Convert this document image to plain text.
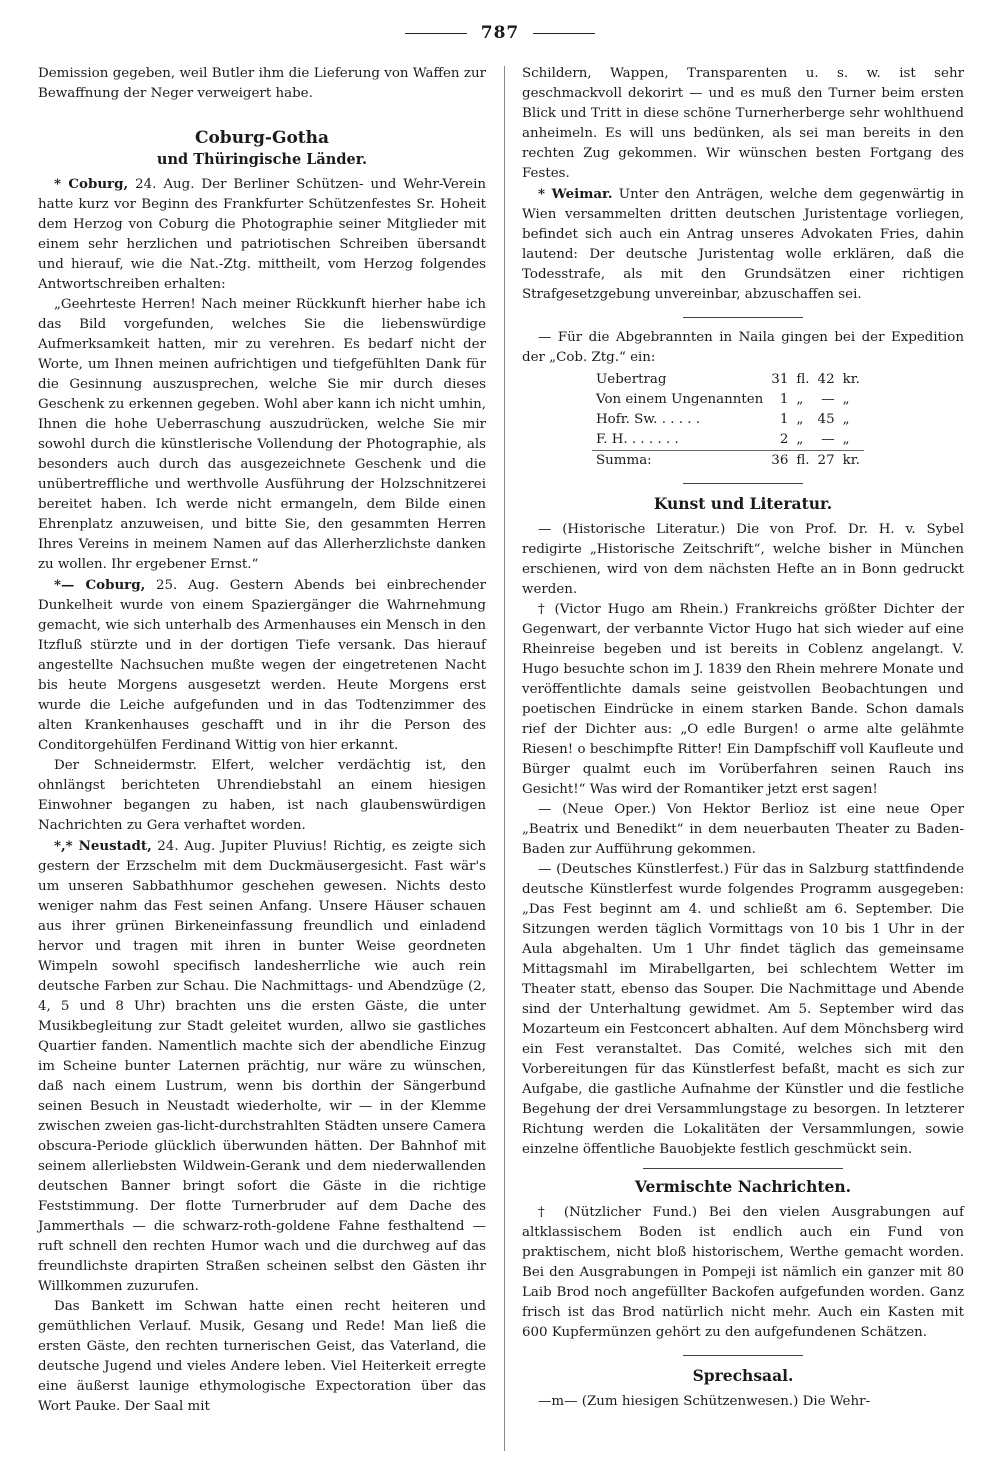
787

Demission gegeben, weil Butler ihm die Lieferung von Waffen zur Bewaffnung der Neger verweigert habe.

Coburg-Gotha
und Thüringische Länder.

* Coburg, 24. Aug. Der Berliner Schützen- und Wehr-Verein hatte kurz vor Beginn des Frankfurter Schützenfestes Sr. Hoheit dem Herzog von Coburg die Photographie seiner Mitglieder mit einem sehr herzlichen und patriotischen Schreiben übersandt und hierauf, wie die Nat.-Ztg. mittheilt, vom Herzog folgendes Antwortschreiben erhalten:

„Geehrteste Herren! Nach meiner Rückkunft hierher habe ich das Bild vorgefunden, welches Sie die liebenswürdige Aufmerksamkeit hatten, mir zu verehren. Es bedarf nicht der Worte, um Ihnen meinen aufrichtigen und tiefgefühlten Dank für die Gesinnung auszusprechen, welche Sie mir durch dieses Geschenk zu erkennen gegeben. Wohl aber kann ich nicht umhin, Ihnen die hohe Ueberraschung auszudrücken, welche Sie mir sowohl durch die künstlerische Vollendung der Photographie, als besonders auch durch das ausgezeichnete Geschenk und die unübertreffliche und werthvolle Ausführung der Holzschnitzerei bereitet haben. Ich werde nicht ermangeln, dem Bilde einen Ehrenplatz anzuweisen, und bitte Sie, den gesammten Herren Ihres Vereins in meinem Namen auf das Allerherzlichste danken zu wollen. Ihr ergebener Ernst.“

*— Coburg, 25. Aug. Gestern Abends bei einbrechender Dunkelheit wurde von einem Spaziergänger die Wahrnehmung gemacht, wie sich unterhalb des Armenhauses ein Mensch in den Itzfluß stürzte und in der dortigen Tiefe versank. Das hierauf angestellte Nachsuchen mußte wegen der eingetretenen Nacht bis heute Morgens ausgesetzt werden. Heute Morgens erst wurde die Leiche aufgefunden und in das Todtenzimmer des alten Krankenhauses geschafft und in ihr die Person des Conditorgehülfen Ferdinand Wittig von hier erkannt.

Der Schneidermstr. Elfert, welcher verdächtig ist, den ohnlängst berichteten Uhrendiebstahl an einem hiesigen Einwohner begangen zu haben, ist nach glaubenswürdigen Nachrichten zu Gera verhaftet worden.

*,* Neustadt, 24. Aug. Jupiter Pluvius! Richtig, es zeigte sich gestern der Erzschelm mit dem Duckmäusergesicht. Fast wär's um unseren Sabbathhumor geschehen gewesen. Nichts desto weniger nahm das Fest seinen Anfang. Unsere Häuser schauen aus ihrer grünen Birkeneinfassung freundlich und einladend hervor und tragen mit ihren in bunter Weise geordneten Wimpeln sowohl specifisch landesherrliche wie auch rein deutsche Farben zur Schau. Die Nachmittags- und Abendzüge (2, 4, 5 und 8 Uhr) brachten uns die ersten Gäste, die unter Musikbegleitung zur Stadt geleitet wurden, allwo sie gastliches Quartier fanden. Namentlich machte sich der abendliche Einzug im Scheine bunter Laternen prächtig, nur wäre zu wünschen, daß nach einem Lustrum, wenn bis dorthin der Sängerbund seinen Besuch in Neustadt wiederholte, wir — in der Klemme zwischen zweien gas-licht-durchstrahlten Städten unsere Camera obscura-Periode glücklich überwunden hätten. Der Bahnhof mit seinem allerliebsten Wildwein-Gerank und dem niederwallenden deutschen Banner bringt sofort die Gäste in die richtige Feststimmung. Der flotte Turnerbruder auf dem Dache des Jammerthals — die schwarz-roth-goldene Fahne festhaltend — ruft schnell den rechten Humor wach und die durchweg auf das freundlichste drapirten Straßen scheinen selbst den Gästen ihr Willkommen zuzurufen.

Das Bankett im Schwan hatte einen recht heiteren und gemüthlichen Verlauf. Musik, Gesang und Rede! Man ließ die ersten Gäste, den rechten turnerischen Geist, das Vaterland, die deutsche Jugend und vieles Andere leben. Viel Heiterkeit erregte eine äußerst launige ethymologische Expectoration über das Wort Pauke. Der Saal mit

Schildern, Wappen, Transparenten u. s. w. ist sehr geschmackvoll dekorirt — und es muß den Turner beim ersten Blick und Tritt in diese schöne Turnerherberge sehr wohlthuend anheimeln. Es will uns bedünken, als sei man bereits in den rechten Zug gekommen. Wir wünschen besten Fortgang des Festes.

* Weimar. Unter den Anträgen, welche dem gegenwärtig in Wien versammelten dritten deutschen Juristentage vorliegen, befindet sich auch ein Antrag unseres Advokaten Fries, dahin lautend: Der deutsche Juristentag wolle erklären, daß die Todesstrafe, als mit den Grundsätzen einer richtigen Strafgesetzgebung unvereinbar, abzuschaffen sei.

— Für die Abgebrannten in Naila gingen bei der Expedition der „Cob. Ztg.“ ein:

Uebertrag	31	fl.	42	kr.
Von einem Ungenannten	1	„	—	„
Hofr. Sw. . . . . .	1	„	45	„
F. H. . . . . . .	2	„	—	„
Summa:	36	fl.	27	kr.
Kunst und Literatur.

— (Historische Literatur.) Die von Prof. Dr. H. v. Sybel redigirte „Historische Zeitschrift“, welche bisher in München erschienen, wird von dem nächsten Hefte an in Bonn gedruckt werden.

† (Victor Hugo am Rhein.) Frankreichs größter Dichter der Gegenwart, der verbannte Victor Hugo hat sich wieder auf eine Rheinreise begeben und ist bereits in Coblenz angelangt. V. Hugo besuchte schon im J. 1839 den Rhein mehrere Monate und veröffentlichte damals seine geistvollen Beobachtungen und poetischen Eindrücke in einem starken Bande. Schon damals rief der Dichter aus: „O edle Burgen! o arme alte gelähmte Riesen! o beschimpfte Ritter! Ein Dampfschiff voll Kaufleute und Bürger qualmt euch im Vorüberfahren seinen Rauch ins Gesicht!“ Was wird der Romantiker jetzt erst sagen!

— (Neue Oper.) Von Hektor Berlioz ist eine neue Oper „Beatrix und Benedikt“ in dem neuerbauten Theater zu Baden-Baden zur Aufführung gekommen.

— (Deutsches Künstlerfest.) Für das in Salzburg stattfindende deutsche Künstlerfest wurde folgendes Programm ausgegeben: „Das Fest beginnt am 4. und schließt am 6. September. Die Sitzungen werden täglich Vormittags von 10 bis 1 Uhr in der Aula abgehalten. Um 1 Uhr findet täglich das gemeinsame Mittagsmahl im Mirabellgarten, bei schlechtem Wetter im Theater statt, ebenso das Souper. Die Nachmittage und Abende sind der Unterhaltung gewidmet. Am 5. September wird das Mozarteum ein Festconcert abhalten. Auf dem Mönchsberg wird ein Fest veranstaltet. Das Comité, welches sich mit den Vorbereitungen für das Künstlerfest befaßt, macht es sich zur Aufgabe, die gastliche Aufnahme der Künstler und die festliche Begehung der drei Versammlungstage zu besorgen. In letzterer Richtung werden die Lokalitäten der Versammlungen, sowie einzelne öffentliche Bauobjekte festlich geschmückt sein.

Vermischte Nachrichten.

† (Nützlicher Fund.) Bei den vielen Ausgrabungen auf altklassischem Boden ist endlich auch ein Fund von praktischem, nicht bloß historischem, Werthe gemacht worden. Bei den Ausgrabungen in Pompeji ist nämlich ein ganzer mit 80 Laib Brod noch angefüllter Backofen aufgefunden worden. Ganz frisch ist das Brod natürlich nicht mehr. Auch ein Kasten mit 600 Kupfermünzen gehört zu den aufgefundenen Schätzen.

Sprechsaal.

—m— (Zum hiesigen Schützenwesen.) Die Wehr-
